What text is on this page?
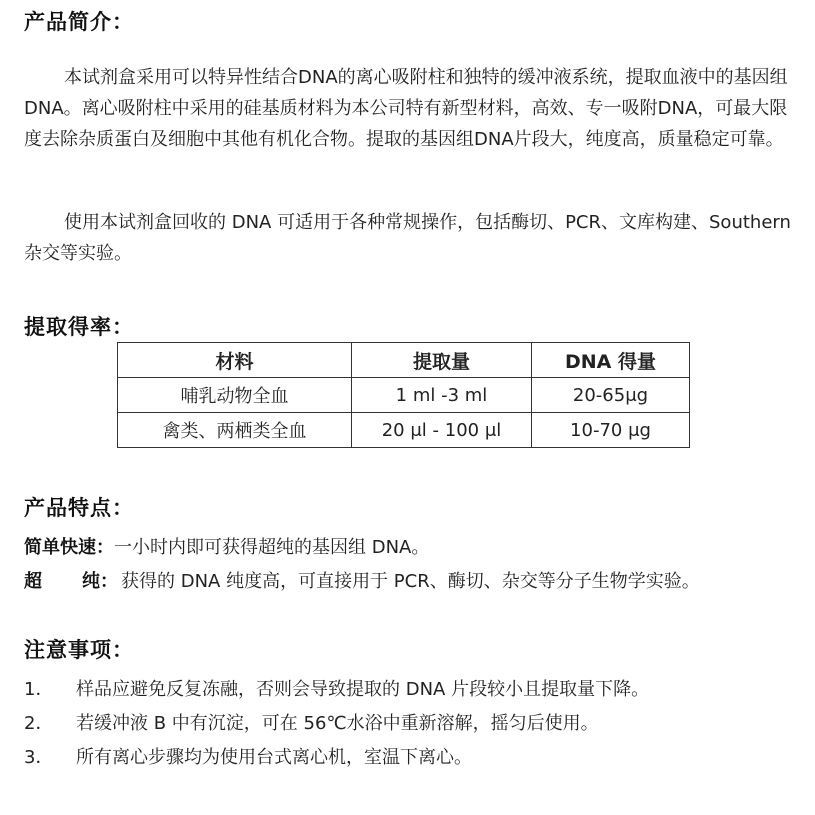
产品简介：

本试剂盒采用可以特异性结合DNA的离心吸附柱和独特的缓冲液系统，提取血液中的基因组DNA。离心吸附柱中采用的硅基质材料为本公司特有新型材料，高效、专一吸附DNA，可最大限度去除杂质蛋白及细胞中其他有机化合物。提取的基因组DNA片段大，纯度高，质量稳定可靠。

使用本试剂盒回收的 DNA 可适用于各种常规操作，包括酶切、PCR、文库构建、Southern 杂交等实验。

提取得率：
材料	提取量	DNA 得量
哺乳动物全血	1 ml -3 ml	20-65μg
禽类、两栖类全血	20 μl - 100 μl	10-70 μg
产品特点：
简单快速：一小时内即可获得超纯的基因组 DNA。
超 纯： 获得的 DNA 纯度高，可直接用于 PCR、酶切、杂交等分子生物学实验。
注意事项：
1． 样品应避免反复冻融，否则会导致提取的 DNA 片段较小且提取量下降。
2． 若缓冲液 B 中有沉淀，可在 56℃水浴中重新溶解，摇匀后使用。
3． 所有离心步骤均为使用台式离心机，室温下离心。
